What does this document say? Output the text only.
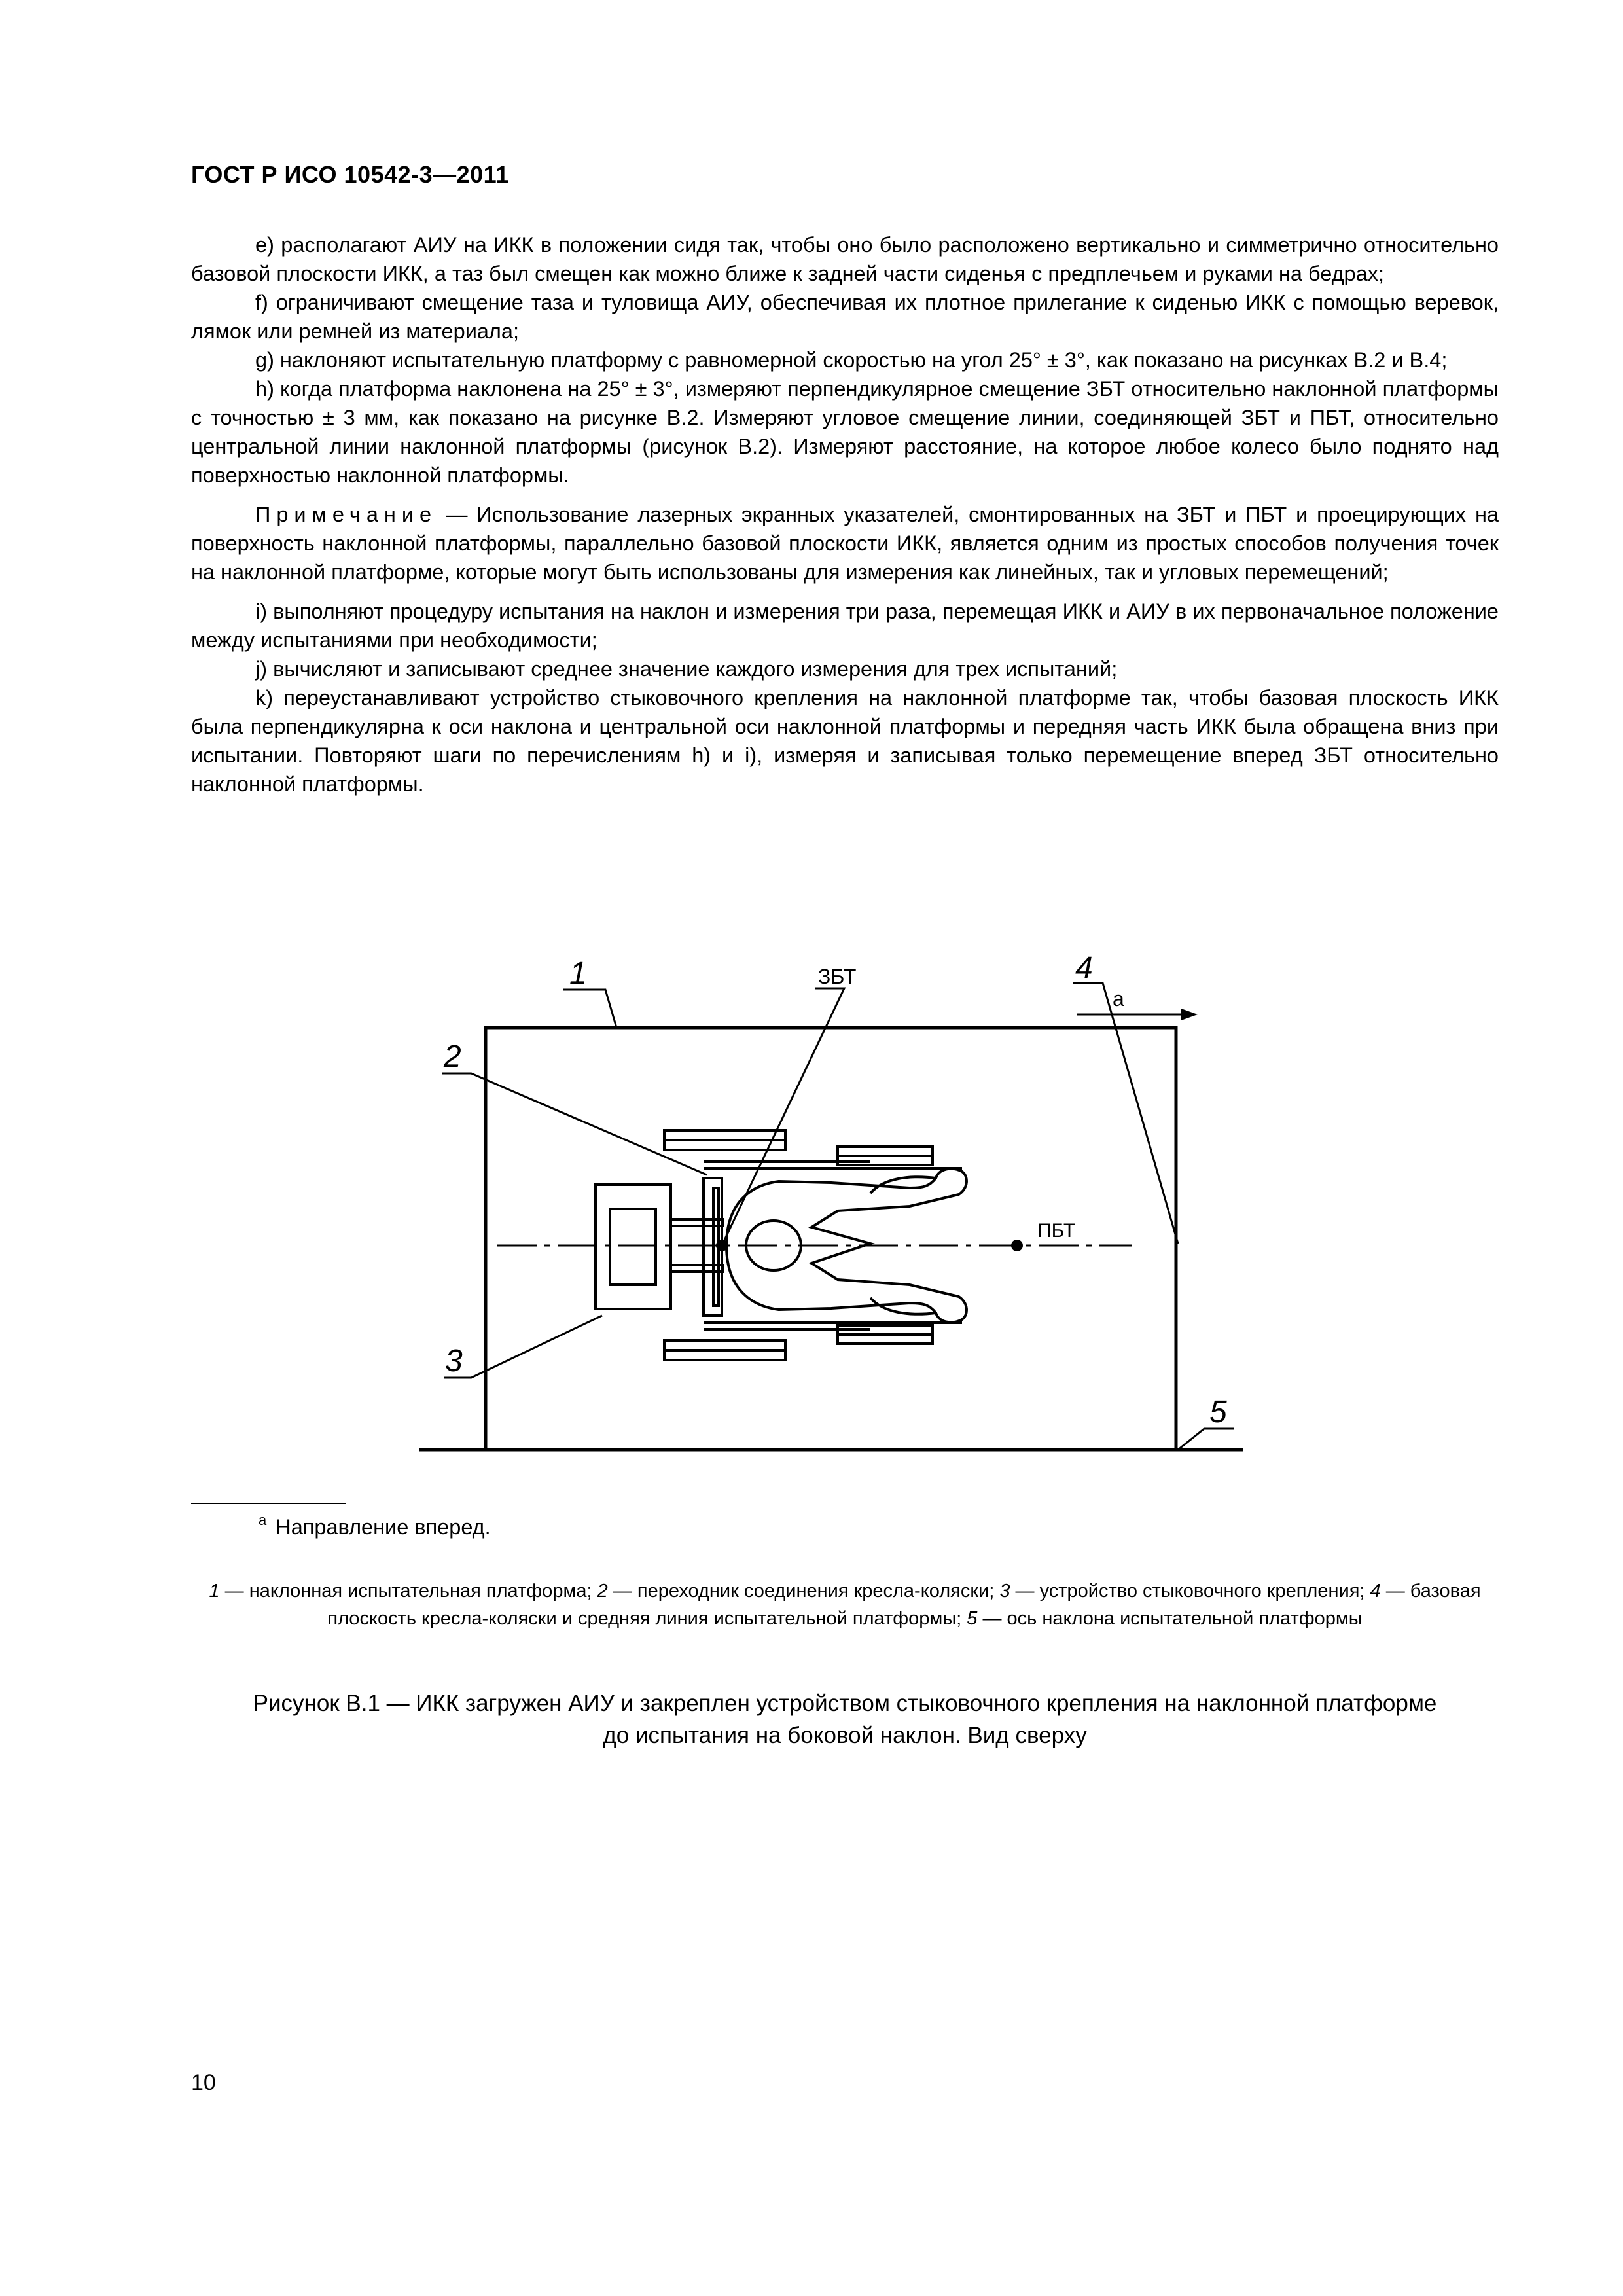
ГОСТ Р ИСО 10542-3—2011

е) располагают АИУ на ИКК в положении сидя так, чтобы оно было расположено вертикально и симметрично относительно базовой плоскости ИКК, а таз был смещен как можно ближе к задней части сиденья с предплечьем и руками на бедрах;

f) ограничивают смещение таза и туловища АИУ, обеспечивая их плотное прилегание к сиденью ИКК с помощью веревок, лямок или ремней из материала;

g) наклоняют испытательную платформу с равномерной скоростью на угол 25° ± 3°, как показано на рисунках В.2 и В.4;

h) когда платформа наклонена на 25° ± 3°, измеряют перпендикулярное смещение ЗБТ относительно наклонной платформы с точностью ± 3 мм, как показано на рисунке В.2. Измеряют угловое смещение линии, соединяющей ЗБТ и ПБТ, относительно центральной линии наклонной платформы (рисунок В.2). Измеряют расстояние, на которое любое колесо было поднято над поверхностью наклонной платформы.

Примечание — Использование лазерных экранных указателей, смонтированных на ЗБТ и ПБТ и проецирующих на поверхность наклонной платформы, параллельно базовой плоскости ИКК, является одним из простых способов получения точек на наклонной платформе, которые могут быть использованы для измерения как линейных, так и угловых перемещений;

i) выполняют процедуру испытания на наклон и измерения три раза, перемещая ИКК и АИУ в их первоначальное положение между испытаниями при необходимости;

j) вычисляют и записывают среднее значение каждого измерения для трех испытаний;

k) переустанавливают устройство стыковочного крепления на наклонной платформе так, чтобы базовая плоскость ИКК была перпендикулярна к оси наклона и центральной оси наклонной платформы и передняя часть ИКК была обращена вниз при испытании. Повторяют шаги по перечислениям h) и i), измеряя и записывая только перемещение вперед ЗБТ относительно наклонной платформы.

1
2
3
4
5
ЗБТ
ПБТ
а
$^а$ Направление вперед.
1 — наклонная испытательная платформа; 2 — переходник соединения кресла-коляски; 3 — устройство стыковочного крепления; 4 — базовая плоскость кресла-коляски и средняя линия испытательной платформы; 5 — ось наклона испытательной платформы
Рисунок В.1 — ИКК загружен АИУ и закреплен устройством стыковочного крепления на наклонной платформе
до испытания на боковой наклон. Вид сверху
10
